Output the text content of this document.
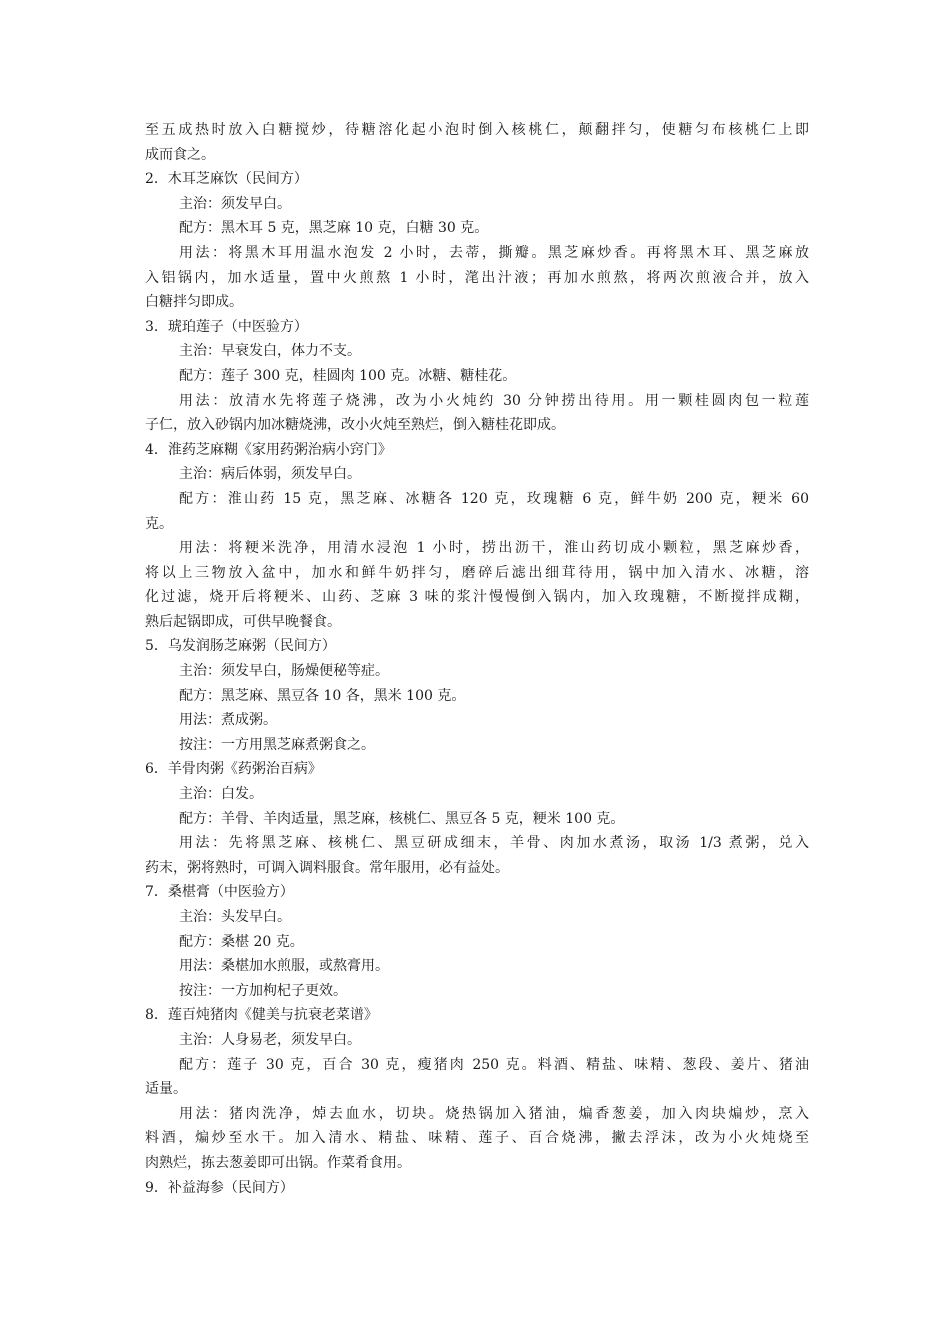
至五成热时放入白糖搅炒，待糖溶化起小泡时倒入核桃仁，颠翻拌匀，使糖匀布核桃仁上即
成而食之。
2．木耳芝麻饮（民间方）
主治：须发早白。
配方：黑木耳 5 克，黑芝麻 10 克，白糖 30 克。
用法：将黑木耳用温水泡发 2 小时，去蒂，撕瓣。黑芝麻炒香。再将黑木耳、黑芝麻放
入铝锅内，加水适量，置中火煎熬 1 小时，滗出汁液；再加水煎熬，将两次煎液合并，放入
白糖拌匀即成。
3．琥珀莲子（中医验方）
主治：早衰发白，体力不支。
配方：莲子 300 克，桂圆肉 100 克。冰糖、糖桂花。
用法：放清水先将莲子烧沸，改为小火炖约 30 分钟捞出待用。用一颗桂圆肉包一粒莲
子仁，放入砂锅内加冰糖烧沸，改小火炖至熟烂，倒入糖桂花即成。
4．淮药芝麻糊《家用药粥治病小窍门》
主治：病后体弱，须发早白。
配方：淮山药 15 克，黑芝麻、冰糖各 120 克，玫瑰糖 6 克，鲜牛奶 200 克，粳米 60
克。
用法：将粳米洗净，用清水浸泡 1 小时，捞出沥干，淮山药切成小颗粒，黑芝麻炒香，
将以上三物放入盆中，加水和鲜牛奶拌匀，磨碎后滤出细茸待用，锅中加入清水、冰糖，溶
化过滤，烧开后将粳米、山药、芝麻 3 味的浆汁慢慢倒入锅内，加入玫瑰糖，不断搅拌成糊，
熟后起锅即成，可供早晚餐食。
5．乌发润肠芝麻粥（民间方）
主治：须发早白，肠燥便秘等症。
配方：黑芝麻、黑豆各 10 各，黑米 100 克。
用法：煮成粥。
按注：一方用黑芝麻煮粥食之。
6．羊骨肉粥《药粥治百病》
主治：白发。
配方：羊骨、羊肉适量，黑芝麻，核桃仁、黑豆各 5 克，粳米 100 克。
用法：先将黑芝麻、核桃仁、黑豆研成细末，羊骨、肉加水煮汤，取汤 1/3 煮粥，兑入
药末，粥将熟时，可调入调料服食。常年服用，必有益处。
7．桑椹膏（中医验方）
主治：头发早白。
配方：桑椹 20 克。
用法：桑椹加水煎服，或熬膏用。
按注：一方加枸杞子更效。
8．莲百炖猪肉《健美与抗衰老菜谱》
主治：人身易老，须发早白。
配方：莲子 30 克，百合 30 克，瘦猪肉 250 克。料酒、精盐、味精、葱段、姜片、猪油
适量。
用法：猪肉洗净，焯去血水，切块。烧热锅加入猪油，煸香葱姜，加入肉块煸炒，烹入
料酒，煸炒至水干。加入清水、精盐、味精、莲子、百合烧沸，撇去浮沫，改为小火炖烧至
肉熟烂，拣去葱姜即可出锅。作菜肴食用。
9．补益海参（民间方）
